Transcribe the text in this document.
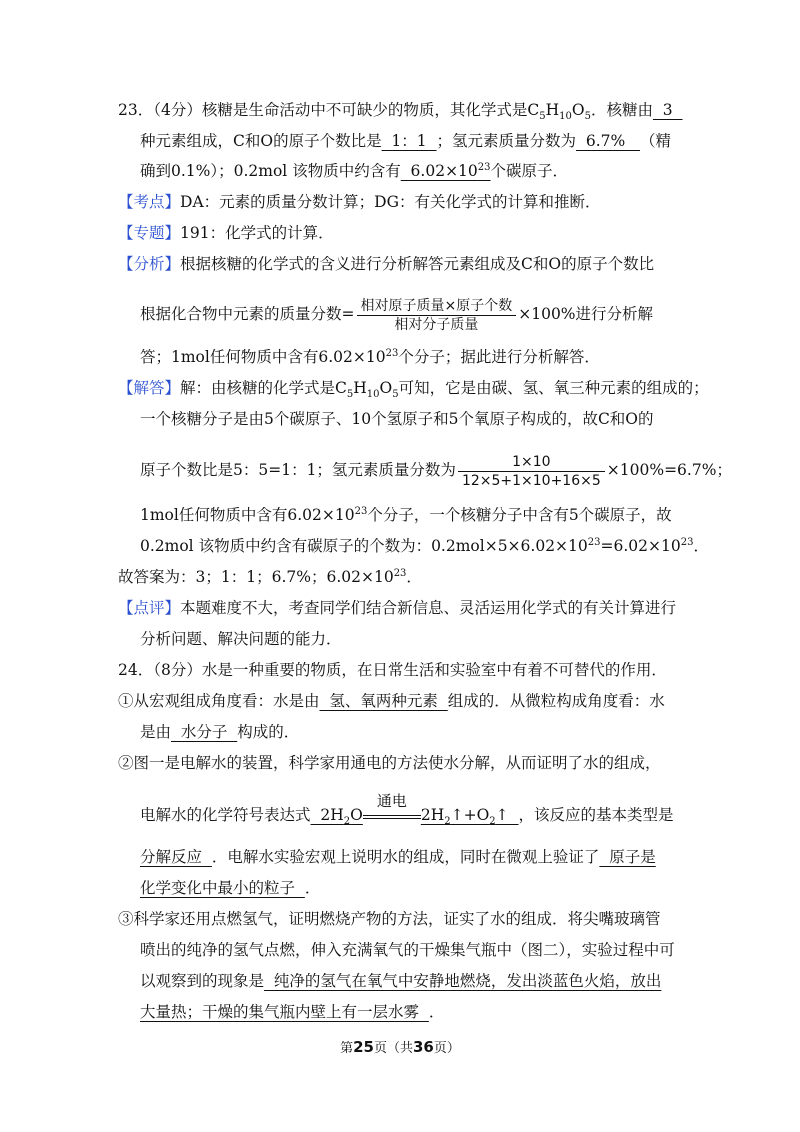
23．（4分）核糖是生命活动中不可缺少的物质，其化学式是$C_5H_{10}O_5$．核糖由  3
种元素组成，C和O的原子个数比是  1：1  ；氢元素质量分数为  6.7%   （精
确到0.1%）；0.2mol 该物质中约含有  $6.02\times 10^{23}$个碳原子．
【考点】DA：元素的质量分数计算；DG：有关化学式的计算和推断．
【专题】191：化学式的计算．
【分析】根据核糖的化学式的含义进行分析解答元素组成及C和O的原子个数比
根据化合物中元素的质量分数= $\frac{\text{相对原子质量×原子个数}}{\text{相对分子质量}} \times 100\%$进行分析解
答；1mol任何物质中含有$6.02\times 10^{23}$个分子；据此进行分析解答．
【解答】解：由核糖的化学式是$C_5H_{10}O_5$可知，它是由碳、氢、氧三种元素的组成的；
一个核糖分子是由5个碳原子、10个氢原子和5个氧原子构成的，故C和O的
原子个数比是5：5=1：1；氢元素质量分数为 $\frac{1\times 10}{12\times 5+1\times 10+16\times 5} \times 100\%=6.7\%$；
1mol任何物质中含有$6.02\times 10^{23}$个分子，一个核糖分子中含有5个碳原子，故
0.2mol 该物质中约含有碳原子的个数为：$0.2mol\times 5\times 6.02\times 10^{23}=6.02\times 10^{23}$．
故答案为：3；1：1；6.7%；$6.02\times 10^{23}$．
【点评】本题难度不大，考查同学们结合新信息、灵活运用化学式的有关计算进行
分析问题、解决问题的能力．
24．（8分）水是一种重要的物质，在日常生活和实验室中有着不可替代的作用．
①从宏观组成角度看：水是由  氢、氧两种元素  组成的．从微粒构成角度看：水
是由  水分子  构成的．
②图一是电解水的装置，科学家用通电的方法使水分解，从而证明了水的组成，
电解水的化学符号表达式  $2H_2O$
通电
$2H_2↑+O_2↑$  ，该反应的基本类型是
分解反应  ．电解水实验宏观上说明水的组成，同时在微观上验证了  原子是
化学变化中最小的粒子  ．
③科学家还用点燃氢气，证明燃烧产物的方法，证实了水的组成．将尖嘴玻璃管
喷出的纯净的氢气点燃，伸入充满氧气的干燥集气瓶中（图二），实验过程中可
以观察到的现象是  纯净的氢气在氧气中安静地燃烧，发出淡蓝色火焰，放出
大量热；干燥的集气瓶内壁上有一层水雾  ．
第25页（共36页）
